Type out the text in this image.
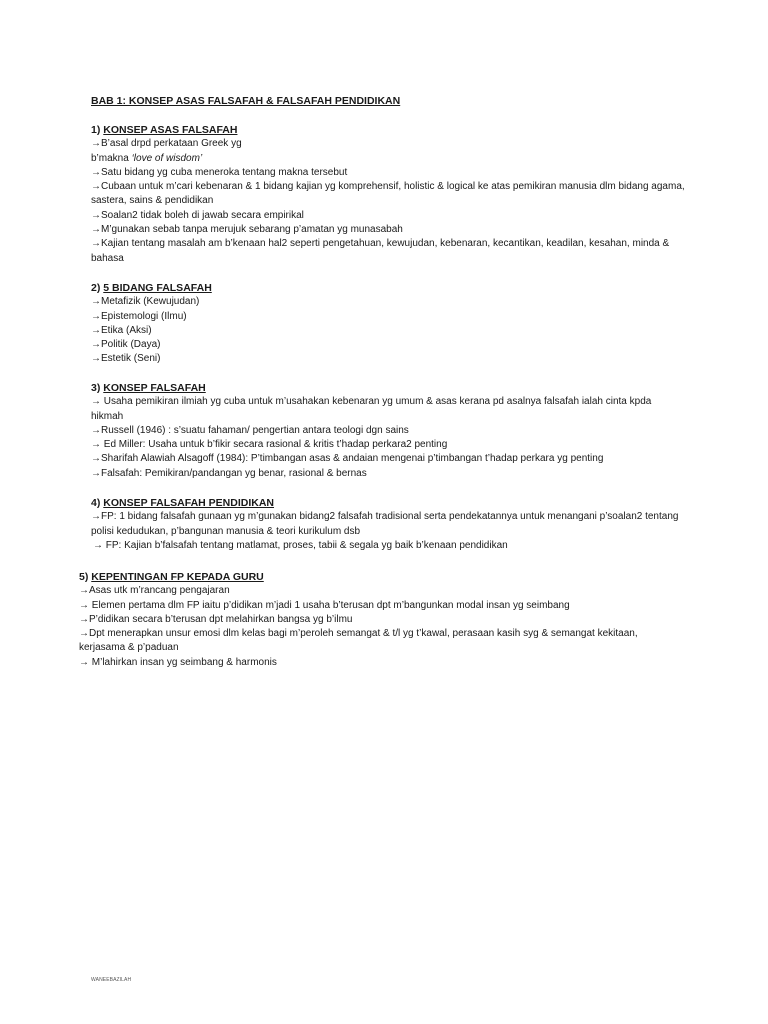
BAB 1: KONSEP ASAS FALSAFAH & FALSAFAH PENDIDIKAN
1) KONSEP ASAS FALSAFAH
→B’asal drpd perkataan Greek yg
b’makna ‘love of wisdom’
→Satu bidang yg cuba meneroka tentang makna tersebut
→Cubaan untuk m’cari kebenaran & 1 bidang kajian yg komprehensif, holistic & logical ke atas pemikiran manusia dlm bidang agama, sastera, sains & pendidikan
→Soalan2 tidak boleh di jawab secara empirikal
→M’gunakan sebab tanpa merujuk sebarang p’amatan yg munasabah
→Kajian tentang masalah am b’kenaan hal2 seperti pengetahuan, kewujudan, kebenaran, kecantikan, keadilan, kesahan, minda & bahasa
2) 5 BIDANG FALSAFAH
→Metafizik (Kewujudan)
→Epistemologi (Ilmu)
→Etika (Aksi)
→Politik (Daya)
→Estetik (Seni)
3) KONSEP FALSAFAH
→ Usaha pemikiran ilmiah yg cuba untuk m’usahakan kebenaran yg umum & asas kerana pd asalnya falsafah ialah cinta kpda hikmah
→Russell (1946) : s’suatu fahaman/ pengertian antara teologi dgn sains
→ Ed Miller: Usaha untuk b’fikir secara rasional & kritis t’hadap perkara2 penting
→Sharifah Alawiah Alsagoff (1984): P’timbangan asas & andaian mengenai p’timbangan t’hadap perkara yg penting
→Falsafah: Pemikiran/pandangan yg benar, rasional & bernas
4) KONSEP FALSAFAH PENDIDIKAN
→FP: 1 bidang falsafah gunaan yg m’gunakan bidang2 falsafah tradisional serta pendekatannya untuk menangani p’soalan2 tentang polisi kedudukan, p’bangunan manusia & teori kurikulum dsb
→ FP: Kajian b’falsafah tentang matlamat, proses, tabii & segala yg baik b’kenaan pendidikan
5) KEPENTINGAN FP KEPADA GURU
→Asas utk m’rancang pengajaran
→ Elemen pertama dlm FP iaitu p’didikan m’jadi 1 usaha b’terusan dpt m’bangunkan modal insan yg seimbang
→P’didikan secara b’terusan dpt melahirkan bangsa yg b’ilmu
→Dpt menerapkan unsur emosi dlm kelas bagi m’peroleh semangat & t/l yg t’kawal, perasaan kasih syg & semangat kekitaan, kerjasama & p’paduan
→ M’lahirkan insan yg seimbang & harmonis
WANEEBAZILAH
